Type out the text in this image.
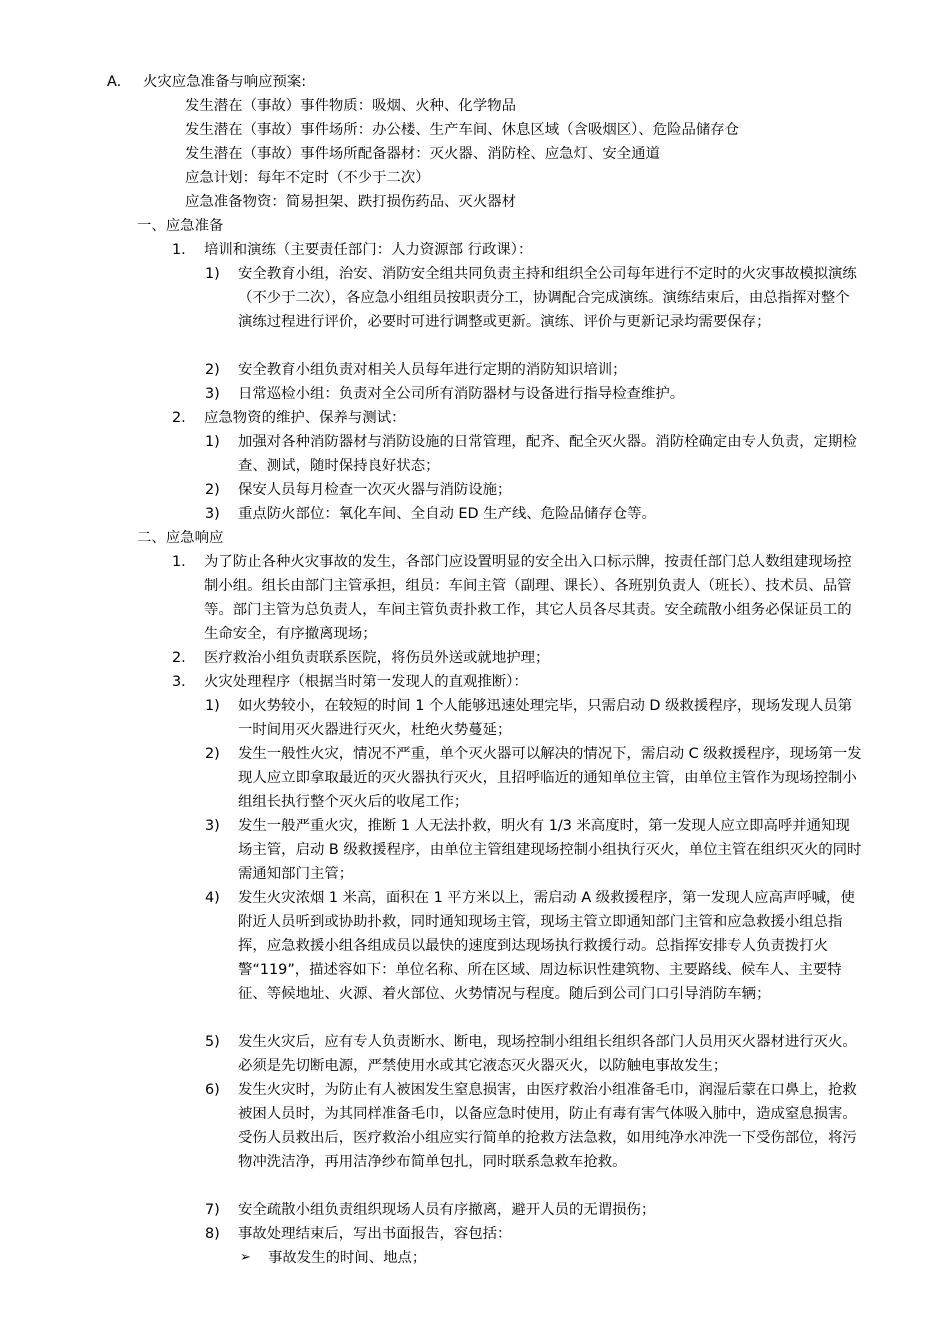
A. 火灾应急准备与响应预案:
发生潜在（事故）事件物质：吸烟、火种、化学物品
发生潜在（事故）事件场所：办公楼、生产车间、休息区域（含吸烟区）、危险品储存仓
发生潜在（事故）事件场所配备器材：灭火器、消防栓、应急灯、安全通道
应急计划：每年不定时（不少于二次）
应急准备物资：简易担架、跌打损伤药品、灭火器材
一、应急准备
1. 培训和演练（主要责任部门：人力资源部 行政课）：
1) 安全教育小组，治安、消防安全组共同负责主持和组织全公司每年进行不定时的火灾事故模拟演练（不少于二次），各应急小组组员按职责分工，协调配合完成演练。演练结束后，由总指挥对整个演练过程进行评价，必要时可进行调整或更新。演练、评价与更新记录均需要保存；
2) 安全教育小组负责对相关人员每年进行定期的消防知识培训；
3) 日常巡检小组：负责对全公司所有消防器材与设备进行指导检查维护。
2. 应急物资的维护、保养与测试：
1) 加强对各种消防器材与消防设施的日常管理，配齐、配全灭火器。消防栓确定由专人负责，定期检查、测试，随时保持良好状态；
2) 保安人员每月检查一次灭火器与消防设施；
3) 重点防火部位：氧化车间、全自动 ED 生产线、危险品储存仓等。
二、应急响应
1. 为了防止各种火灾事故的发生，各部门应设置明显的安全出入口标示牌，按责任部门总人数组建现场控制小组。组长由部门主管承担，组员：车间主管（副理、课长）、各班别负责人（班长）、技术员、品管等。部门主管为总负责人，车间主管负责扑救工作，其它人员各尽其责。安全疏散小组务必保证员工的生命安全，有序撤离现场；
2. 医疗救治小组负责联系医院，将伤员外送或就地护理；
3. 火灾处理程序（根据当时第一发现人的直观推断）：
1) 如火势较小，在较短的时间 1 个人能够迅速处理完毕，只需启动 D 级救援程序，现场发现人员第一时间用灭火器进行灭火，杜绝火势蔓延；
2) 发生一般性火灾，情况不严重，单个灭火器可以解决的情况下，需启动 C 级救援程序，现场第一发现人应立即拿取最近的灭火器执行灭火，且招呼临近的通知单位主管，由单位主管作为现场控制小组组长执行整个灭火后的收尾工作；
3) 发生一般严重火灾，推断 1 人无法扑救，明火有 1/3 米高度时，第一发现人应立即高呼并通知现场主管，启动 B 级救援程序，由单位主管组建现场控制小组执行灭火，单位主管在组织灭火的同时需通知部门主管；
4) 发生火灾浓烟 1 米高，面积在 1 平方米以上，需启动 A 级救援程序，第一发现人应高声呼喊，使附近人员听到或协助扑救，同时通知现场主管，现场主管立即通知部门主管和应急救援小组总指挥，应急救援小组各组成员以最快的速度到达现场执行救援行动。总指挥安排专人负责拨打火警“119”，描述容如下：单位名称、所在区域、周边标识性建筑物、主要路线、候车人、主要特征、等候地址、火源、着火部位、火势情况与程度。随后到公司门口引导消防车辆；
5) 发生火灾后，应有专人负责断水、断电，现场控制小组组长组织各部门人员用灭火器材进行灭火。必须是先切断电源，严禁使用水或其它液态灭火器灭火，以防触电事故发生；
6) 发生火灾时，为防止有人被困发生窒息损害，由医疗救治小组准备毛巾，润湿后蒙在口鼻上，抢救被困人员时，为其同样准备毛巾，以备应急时使用，防止有毒有害气体吸入肺中，造成窒息损害。受伤人员救出后，医疗救治小组应实行简单的抢救方法急救，如用纯净水冲洗一下受伤部位，将污物冲洗洁净，再用洁净纱布简单包扎，同时联系急救车抢救。
7) 安全疏散小组负责组织现场人员有序撤离，避开人员的无谓损伤；
8) 事故处理结束后，写出书面报告，容包括：
➢ 事故发生的时间、地点；
